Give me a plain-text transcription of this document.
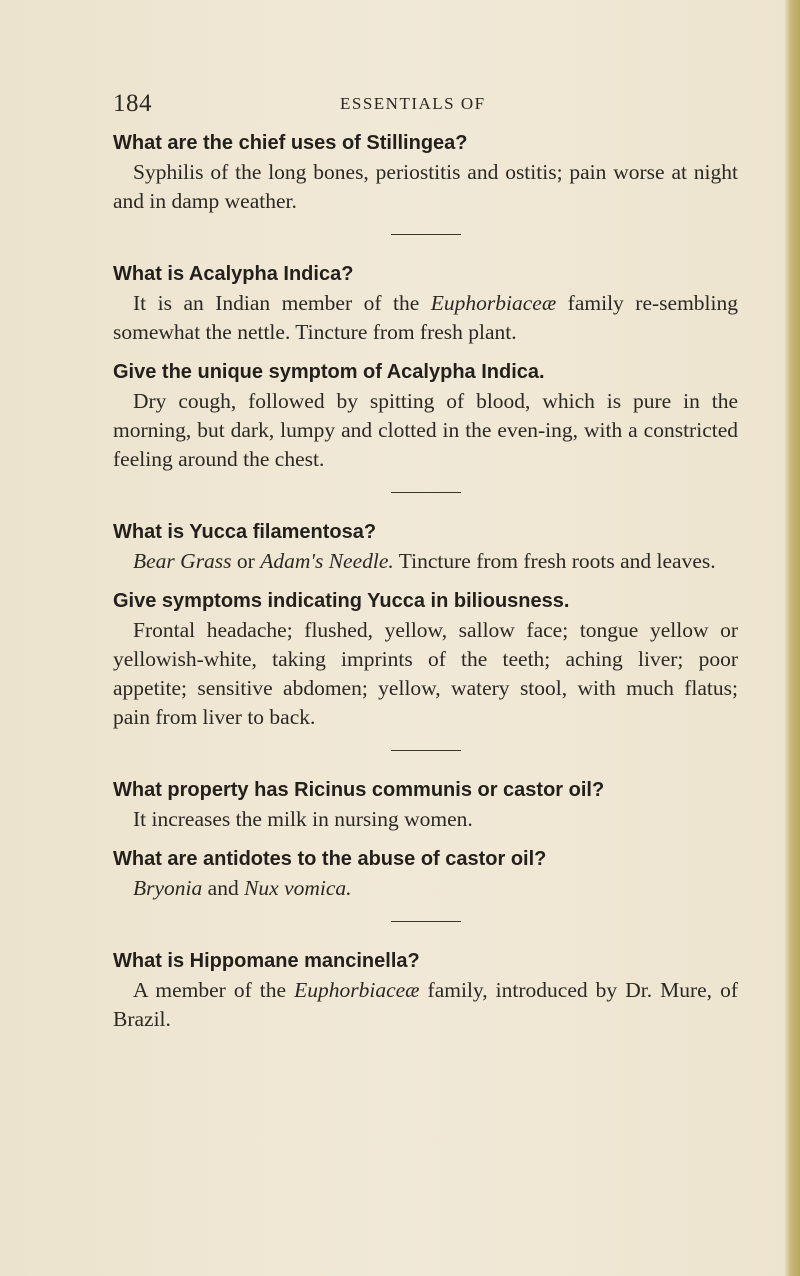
184	ESSENTIALS OF

What are the chief uses of Stillingea?

Syphilis of the long bones, periostitis and ostitis; pain worse at night and in damp weather.

What is Acalypha Indica?

It is an Indian member of the Euphorbiaceæ family re-sembling somewhat the nettle. Tincture from fresh plant.

Give the unique symptom of Acalypha Indica.

Dry cough, followed by spitting of blood, which is pure in the morning, but dark, lumpy and clotted in the even-ing, with a constricted feeling around the chest.

What is Yucca filamentosa?

Bear Grass or Adam's Needle. Tincture from fresh roots and leaves.

Give symptoms indicating Yucca in biliousness.

Frontal headache; flushed, yellow, sallow face; tongue yellow or yellowish-white, taking imprints of the teeth; aching liver; poor appetite; sensitive abdomen; yellow, watery stool, with much flatus; pain from liver to back.

What property has Ricinus communis or castor oil?

It increases the milk in nursing women.

What are antidotes to the abuse of castor oil?

Bryonia and Nux vomica.

What is Hippomane mancinella?

A member of the Euphorbiaceæ family, introduced by Dr. Mure, of Brazil.
